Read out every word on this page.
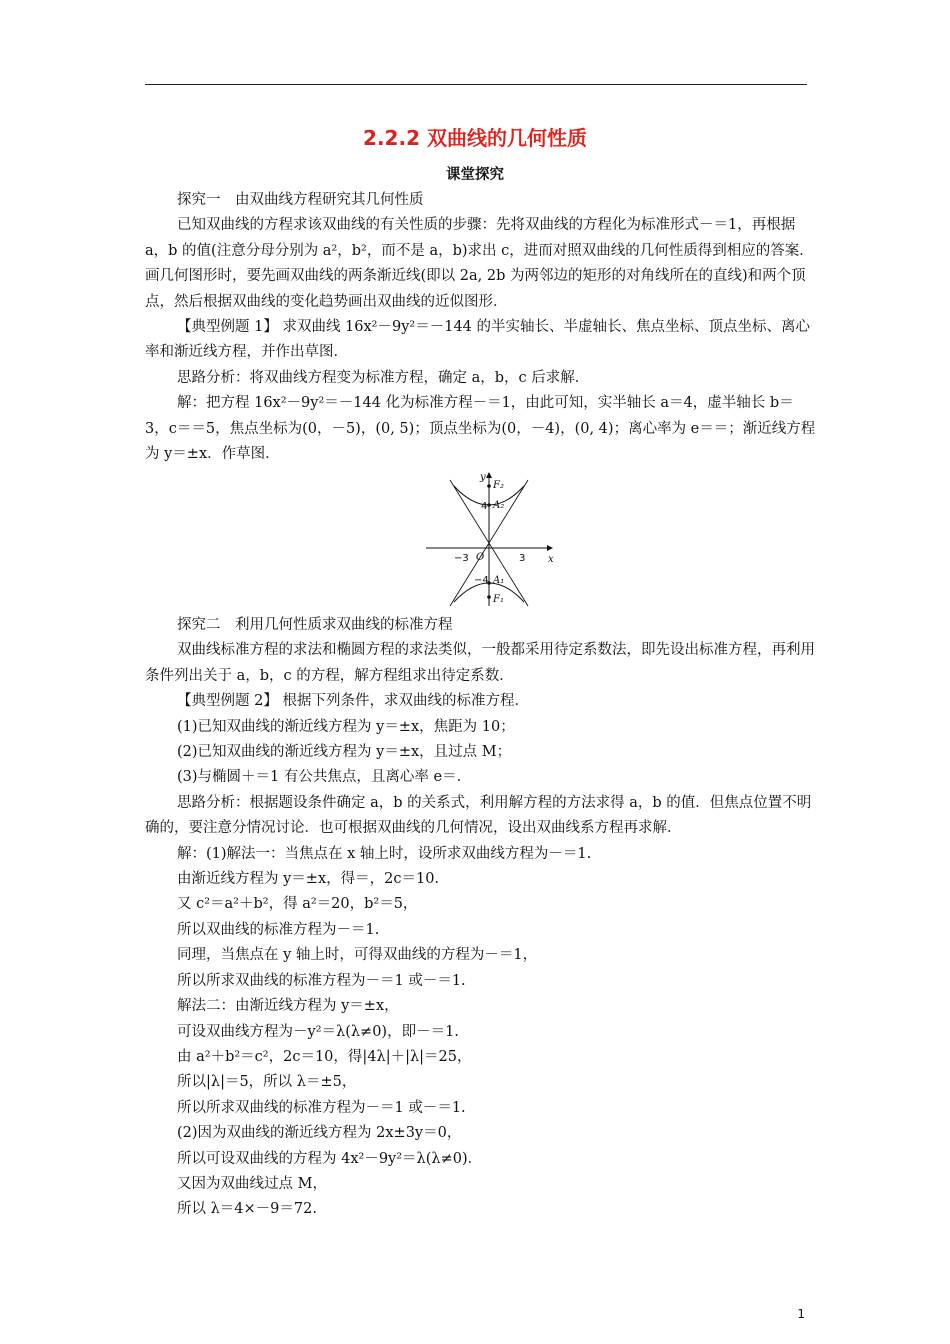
2.2.2 双曲线的几何性质
课堂探究

探究一　由双曲线方程研究其几何性质

已知双曲线的方程求该双曲线的有关性质的步骤：先将双曲线的方程化为标准形式－＝1，再根据 a，b 的值(注意分母分别为 a²，b²，而不是 a，b)求出 c，进而对照双曲线的几何性质得到相应的答案．画几何图形时，要先画双曲线的两条渐近线(即以 2a, 2b 为两邻边的矩形的对角线所在的直线)和两个顶点，然后根据双曲线的变化趋势画出双曲线的近似图形．

【典型例题 1】 求双曲线 16x²－9y²＝－144 的半实轴长、半虚轴长、焦点坐标、顶点坐标、离心率和渐近线方程，并作出草图．

思路分析：将双曲线方程变为标准方程，确定 a，b，c 后求解．

解：把方程 16x²－9y²＝－144 化为标准方程－＝1，由此可知，实半轴长 a＝4，虚半轴长 b＝3，c＝＝5，焦点坐标为(0，－5)，(0, 5)；顶点坐标为(0，－4)，(0, 4)；离心率为 e＝＝；渐近线方程为 y＝±x．作草图．

y
x
O
F₂
A₂
A₁
F₁
3
−3
4
−4

探究二　利用几何性质求双曲线的标准方程

双曲线标准方程的求法和椭圆方程的求法类似，一般都采用待定系数法，即先设出标准方程，再利用条件列出关于 a，b，c 的方程，解方程组求出待定系数．

【典型例题 2】 根据下列条件，求双曲线的标准方程．

(1)已知双曲线的渐近线方程为 y＝±x，焦距为 10；

(2)已知双曲线的渐近线方程为 y＝±x，且过点 M；

(3)与椭圆＋＝1 有公共焦点，且离心率 e＝．

思路分析：根据题设条件确定 a，b 的关系式，利用解方程的方法求得 a，b 的值．但焦点位置不明确的，要注意分情况讨论．也可根据双曲线的几何情况，设出双曲线系方程再求解．

解：(1)解法一：当焦点在 x 轴上时，设所求双曲线方程为－＝1.

由渐近线方程为 y＝±x，得＝，2c＝10.

又 c²＝a²＋b²，得 a²＝20，b²＝5，

所以双曲线的标准方程为－＝1.

同理，当焦点在 y 轴上时，可得双曲线的方程为－＝1，

所以所求双曲线的标准方程为－＝1 或－＝1.

解法二：由渐近线方程为 y＝±x，

可设双曲线方程为－y²＝λ(λ≠0)，即－＝1.

由 a²＋b²＝c²，2c＝10，得|4λ|＋|λ|＝25，

所以|λ|＝5，所以 λ＝±5，

所以所求双曲线的标准方程为－＝1 或－＝1.

(2)因为双曲线的渐近线方程为 2x±3y＝0，

所以可设双曲线的方程为 4x²－9y²＝λ(λ≠0)．

又因为双曲线过点 M，

所以 λ＝4×－9＝72.

1
